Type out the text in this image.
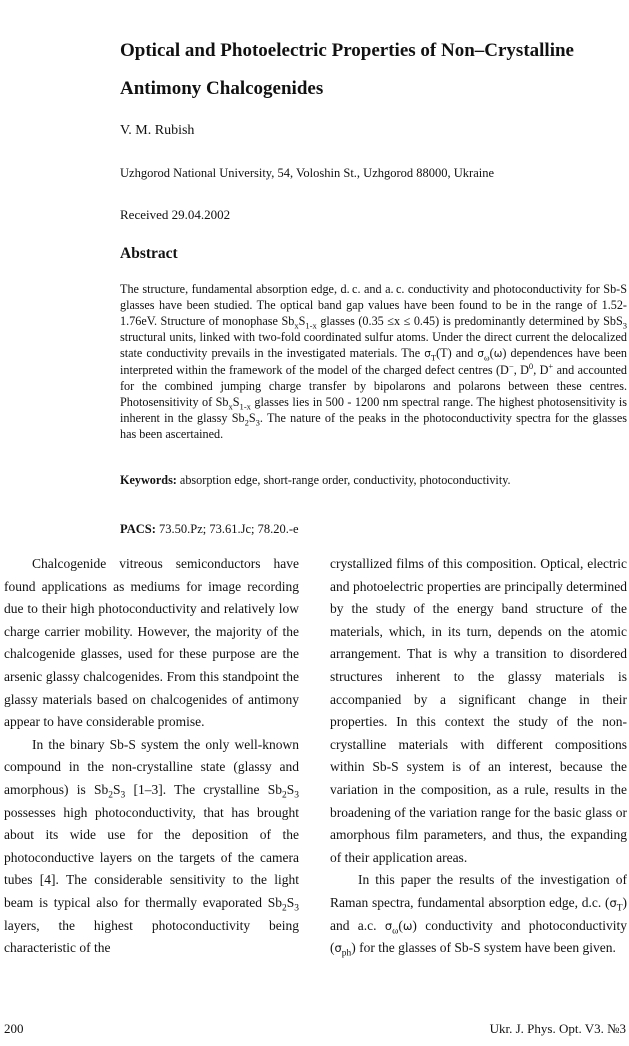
Optical and Photoelectric Properties of Non–Crystalline Antimony Chalcogenides
V. M. Rubish
Uzhgorod National University, 54, Voloshin St., Uzhgorod 88000, Ukraine
Received 29.04.2002
Abstract
The structure, fundamental absorption edge, d. c. and a. c. conductivity and photoconductivity for Sb-S glasses have been studied. The optical band gap values have been found to be in the range of 1.52-1.76eV. Structure of monophase $Sb_xS_{1-x}$ glasses (0.35 ≤x ≤ 0.45) is predominantly determined by SbS$_3$ structural units, linked with two-fold coordinated sulfur atoms. Under the direct current the delocalized state conductivity prevails in the investigated materials. The $\sigma_T(T)$ and $\sigma_\omega(\omega)$ dependences have been interpreted within the framework of the model of the charged defect centres (D−, $D^0$, D+ and accounted for the combined jumping charge transfer by bipolarons and polarons between these centres. Photosensitivity of $Sb_xS_{1-x}$ glasses lies in 500 - 1200 nm spectral range. The highest photosensitivity is inherent in the glassy $Sb_2S_3$. The nature of the peaks in the photoconductivity spectra for the glasses has been ascertained.
Keywords: absorption edge, short-range order, conductivity, photoconductivity.
PACS: 73.50.Pz; 73.61.Jc; 78.20.-e

Chalcogenide vitreous semiconductors have found applications as mediums for image recording due to their high photoconductivity and relatively low charge carrier mobility. However, the majority of the chalcogenide glasses, used for these purpose are the arsenic glassy chalcogenides. From this standpoint the glassy materials based on chalcogenides of antimony appear to have considerable promise.

In the binary Sb-S system the only well-known compound in the non-crystalline state (glassy and amorphous) is $Sb_2S_3$ [1–3]. The crystalline $Sb_2S_3$ possesses high photoconductivity, that has brought about its wide use for the deposition of the photoconductive layers on the targets of the camera tubes [4]. The considerable sensitivity to the light beam is typical also for thermally evaporated $Sb_2S_3$ layers, the highest photoconductivity being characteristic of the

crystallized films of this composition. Optical, electric and photoelectric properties are principally determined by the study of the energy band structure of the materials, which, in its turn, depends on the atomic arrangement. That is why a transition to disordered structures inherent to the glassy materials is accompanied by a significant change in their properties. In this context the study of the non-crystalline materials with different compositions within Sb-S system is of an interest, because the variation in the composition, as a rule, results in the broadening of the variation range for the basic glass or amorphous film parameters, and thus, the expanding of their application areas.

In this paper the results of the investigation of Raman spectra, fundamental absorption edge, d.c. $(\sigma_T)$ and a.c. $\sigma_\omega(\omega)$ conductivity and photoconductivity $(\sigma_{ph})$ for the glasses of Sb-S system have been given.

200	Ukr. J. Phys. Opt. V3. №3
